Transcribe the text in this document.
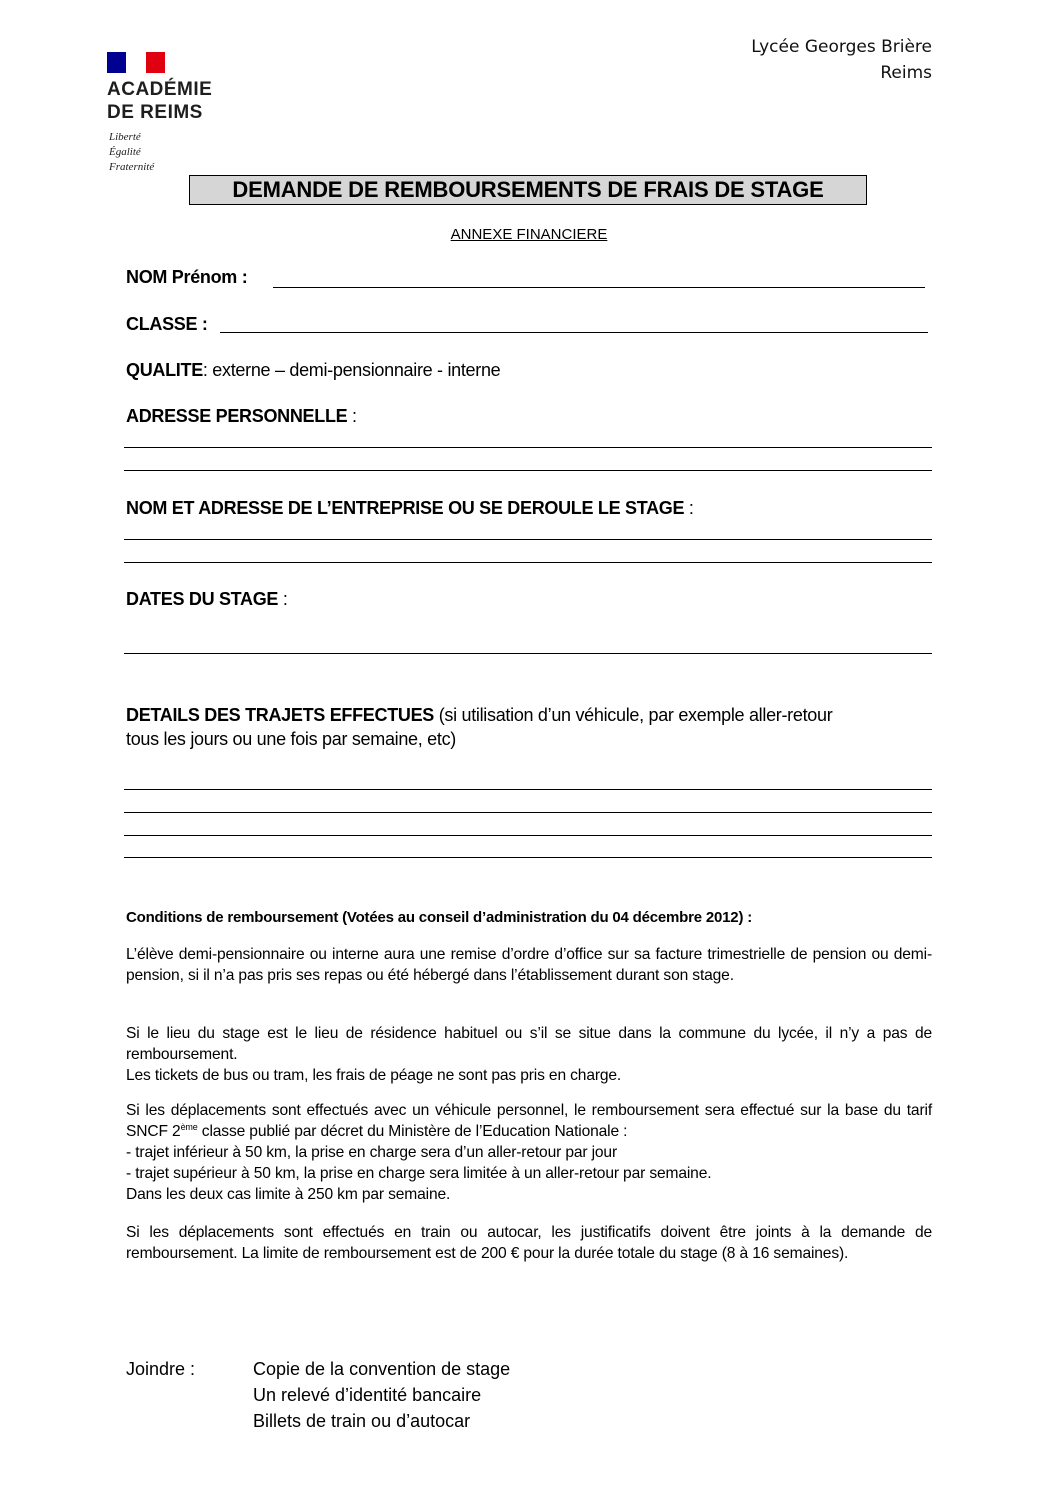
ACADÉMIE
DE REIMS
Liberté
Égalité
Fraternité
Lycée Georges Brière
Reims
DEMANDE DE REMBOURSEMENTS DE FRAIS DE STAGE
ANNEXE FINANCIERE
NOM Prénom :
CLASSE :
QUALITE: externe – demi-pensionnaire - interne
ADRESSE PERSONNELLE :
NOM ET ADRESSE DE L’ENTREPRISE OU SE DEROULE LE STAGE :
DATES DU STAGE :
DETAILS DES TRAJETS EFFECTUES (si utilisation d’un véhicule, par exemple aller-retour
tous les jours ou une fois par semaine, etc)
Conditions de remboursement (Votées au conseil d’administration du 04 décembre 2012) :

L’élève demi-pensionnaire ou interne aura une remise d’ordre d’office sur sa facture trimestrielle de pension ou demi-pension, si il n’a pas pris ses repas ou été hébergé dans l’établissement durant son stage.

Si le lieu du stage est le lieu de résidence habituel ou s’il se situe dans la commune du lycée, il n’y a pas de remboursement.

Les tickets de bus ou tram, les frais de péage ne sont pas pris en charge.

Si les déplacements sont effectués avec un véhicule personnel, le remboursement sera effectué sur la base du tarif SNCF 2ème classe publié par décret du Ministère de l’Education Nationale :

- trajet inférieur à 50 km, la prise en charge sera d’un aller-retour par jour

- trajet supérieur à 50 km, la prise en charge sera limitée à un aller-retour par semaine.

Dans les deux cas limite à 250 km par semaine.

Si les déplacements sont effectués en train ou autocar, les justificatifs doivent être joints à la demande de remboursement. La limite de remboursement est de 200 € pour la durée totale du stage (8 à 16 semaines).

Joindre :	Copie de la convention de stage
Un relevé d’identité bancaire
Billets de train ou d’autocar
